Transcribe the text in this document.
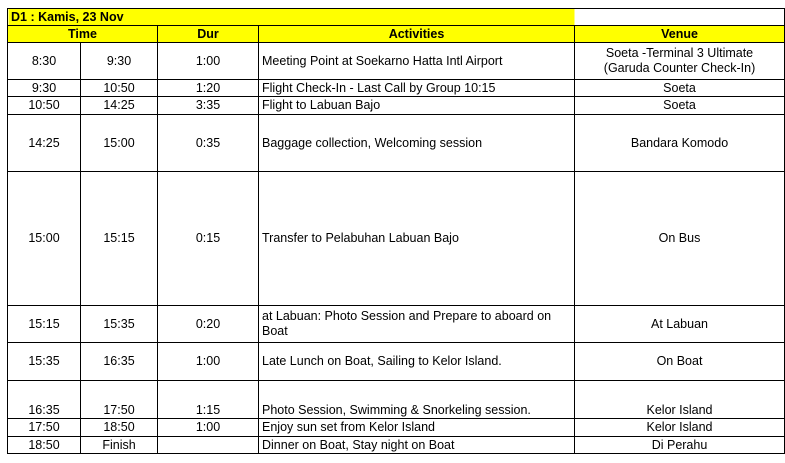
D1 : Kamis, 23 Nov				
Time		Dur	Activities	Venue
8:30	9:30	1:00	Meeting Point at Soekarno Hatta Intl Airport	Soeta -Terminal 3 Ultimate (Garuda Counter Check-In)
9:30	10:50	1:20	Flight Check-In - Last Call by Group 10:15	Soeta
10:50	14:25	3:35	Flight to Labuan Bajo	Soeta
14:25	15:00	0:35	Baggage collection, Welcoming session	Bandara Komodo
15:00	15:15	0:15	Transfer to Pelabuhan Labuan Bajo	On Bus
15:15	15:35	0:20	at Labuan: Photo Session and Prepare to aboard on Boat	At Labuan
15:35	16:35	1:00	Late Lunch on Boat, Sailing to Kelor Island.	On Boat
16:35	17:50	1:15	Photo Session, Swimming & Snorkeling session.	Kelor Island
17:50	18:50	1:00	Enjoy sun set from Kelor Island	Kelor Island
18:50	Finish		Dinner on Boat, Stay night on Boat	Di Perahu
